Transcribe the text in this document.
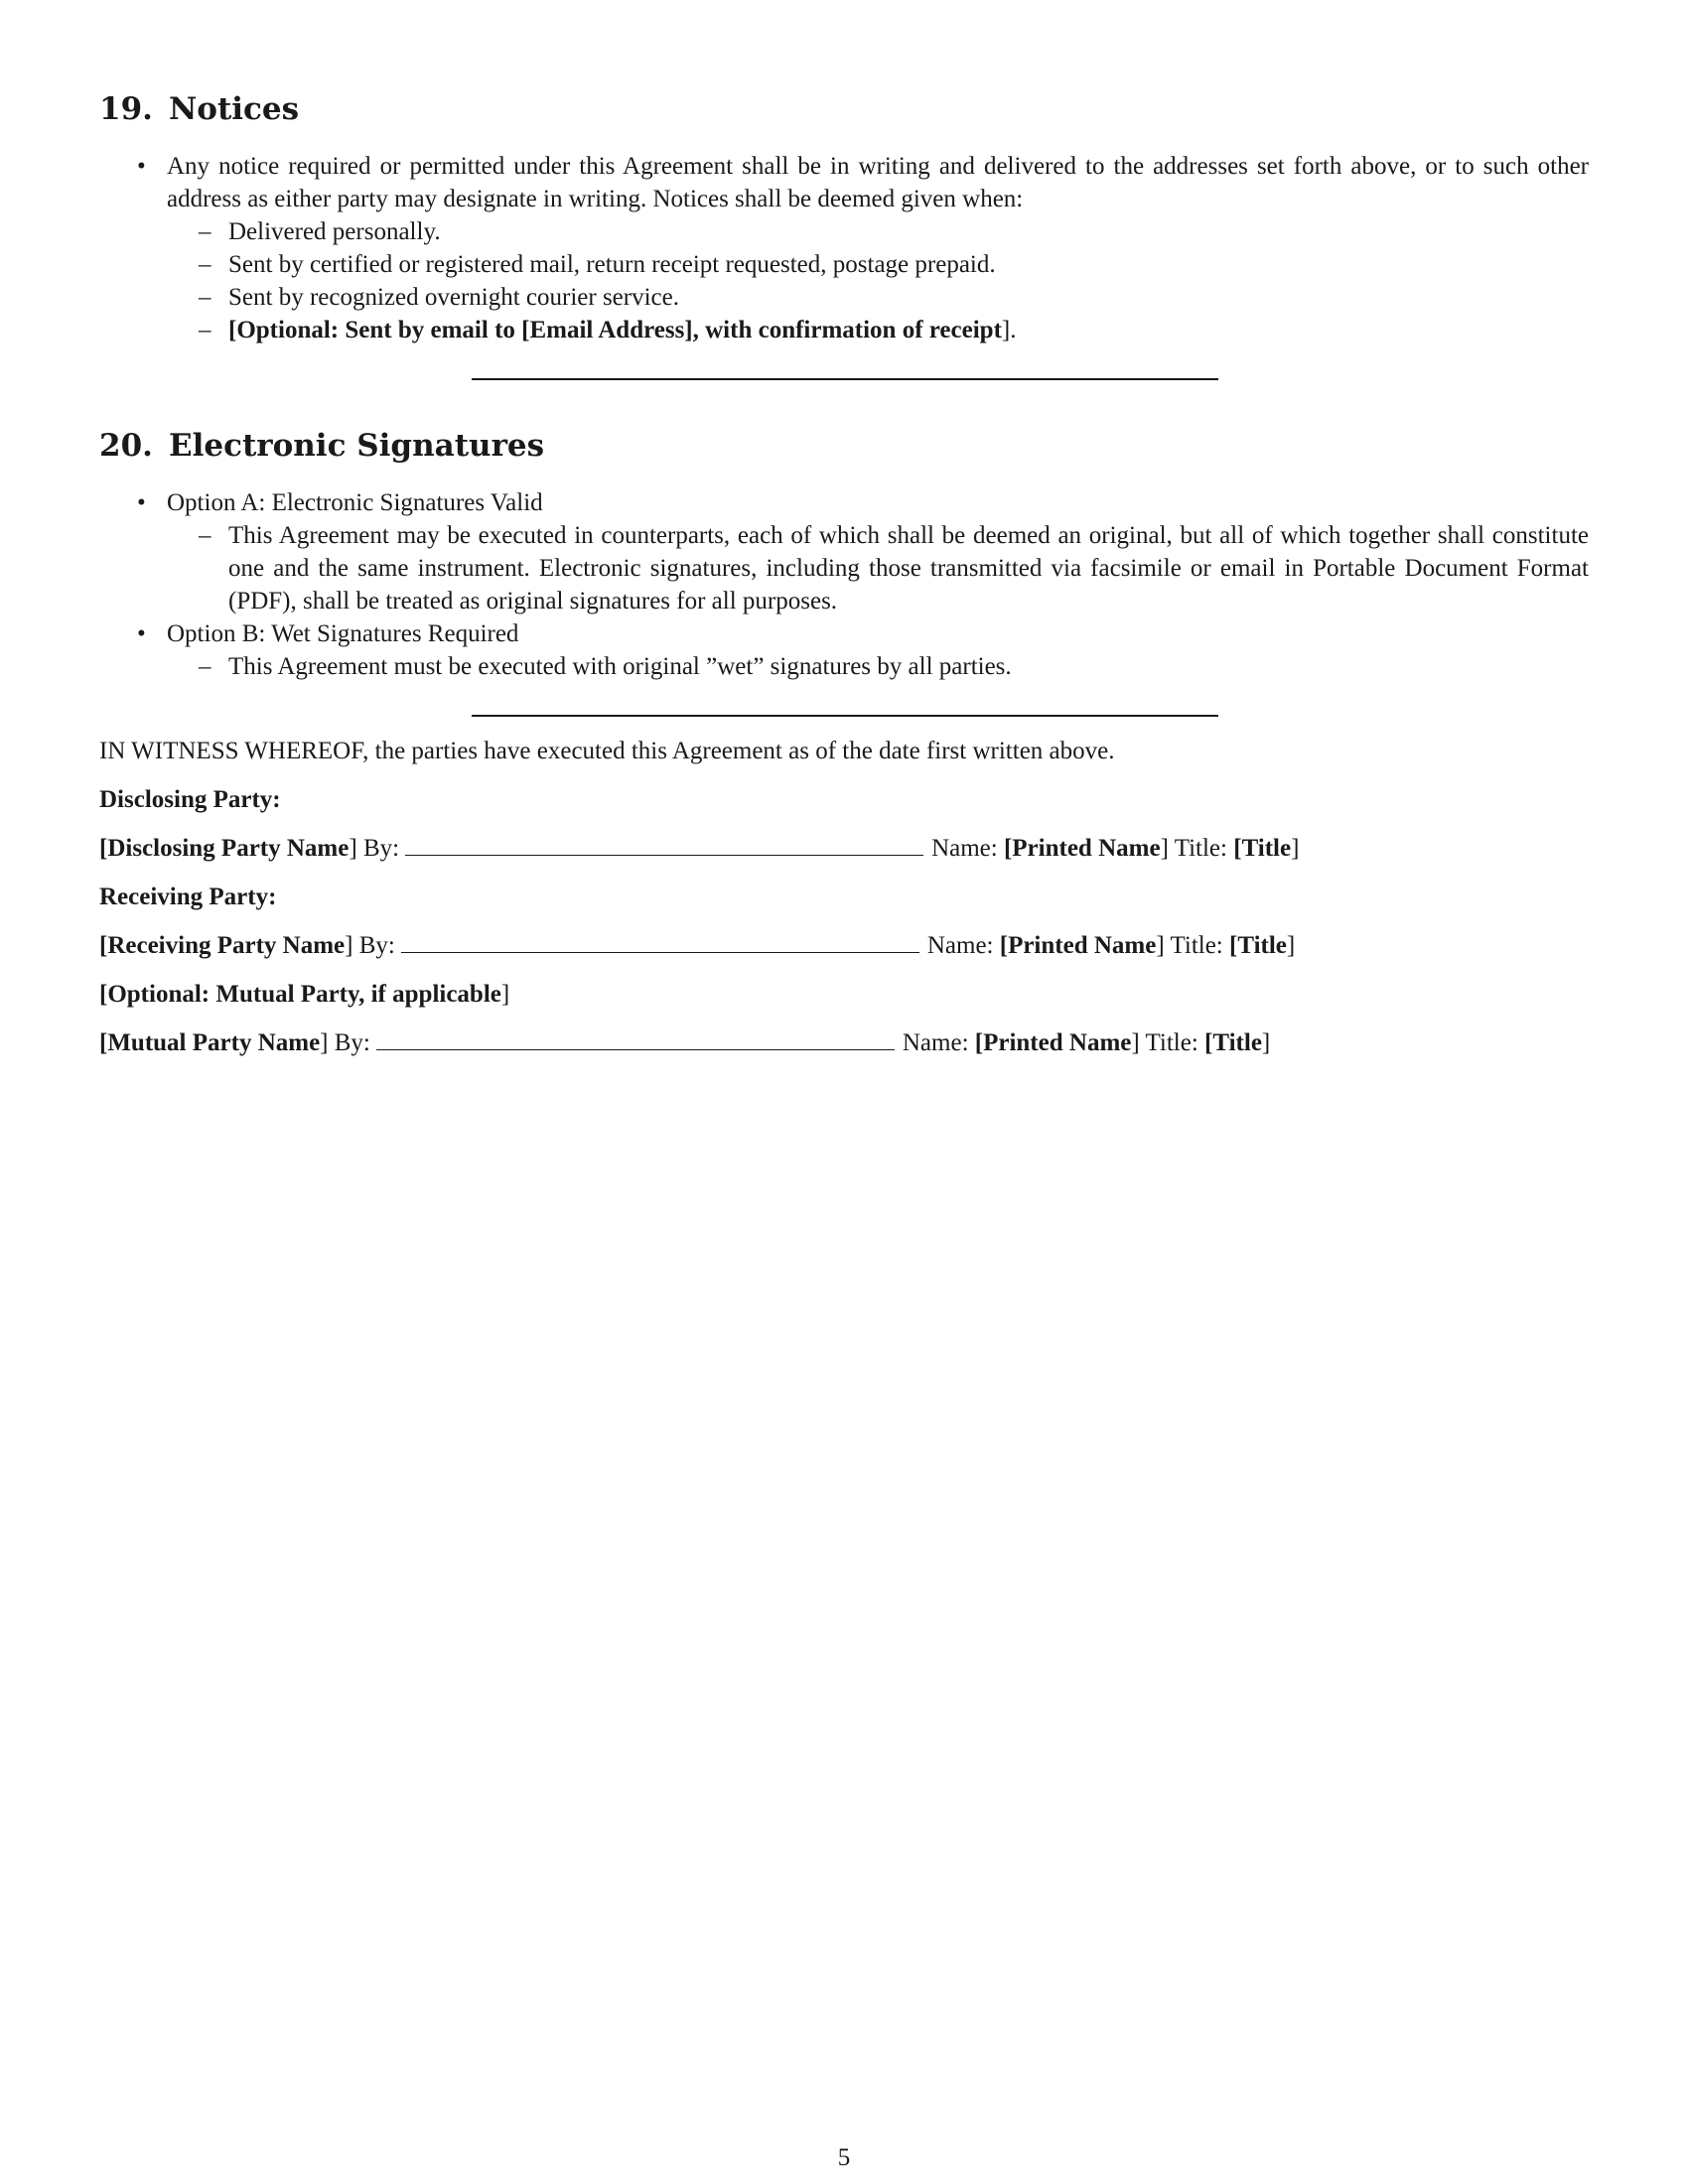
19. Notices
• Any notice required or permitted under this Agreement shall be in writing and delivered to the addresses set forth above, or to such other address as either party may designate in writing. Notices shall be deemed given when:
– Delivered personally.
– Sent by certified or registered mail, return receipt requested, postage prepaid.
– Sent by recognized overnight courier service.
– [Optional: Sent by email to [Email Address], with confirmation of receipt].
20. Electronic Signatures
• Option A: Electronic Signatures Valid
– This Agreement may be executed in counterparts, each of which shall be deemed an original, but all of which together shall constitute one and the same instrument. Electronic signatures, including those transmitted via facsimile or email in Portable Document Format (PDF), shall be treated as original signatures for all purposes.
• Option B: Wet Signatures Required
– This Agreement must be executed with original ”wet” signatures by all parties.

IN WITNESS WHEREOF, the parties have executed this Agreement as of the date first written above.

Disclosing Party:

[Disclosing Party Name] By:	Name: [Printed Name] Title: [Title]

Receiving Party:

[Receiving Party Name] By:	Name: [Printed Name] Title: [Title]

[Optional: Mutual Party, if applicable]

[Mutual Party Name] By:	Name: [Printed Name] Title: [Title]

5
